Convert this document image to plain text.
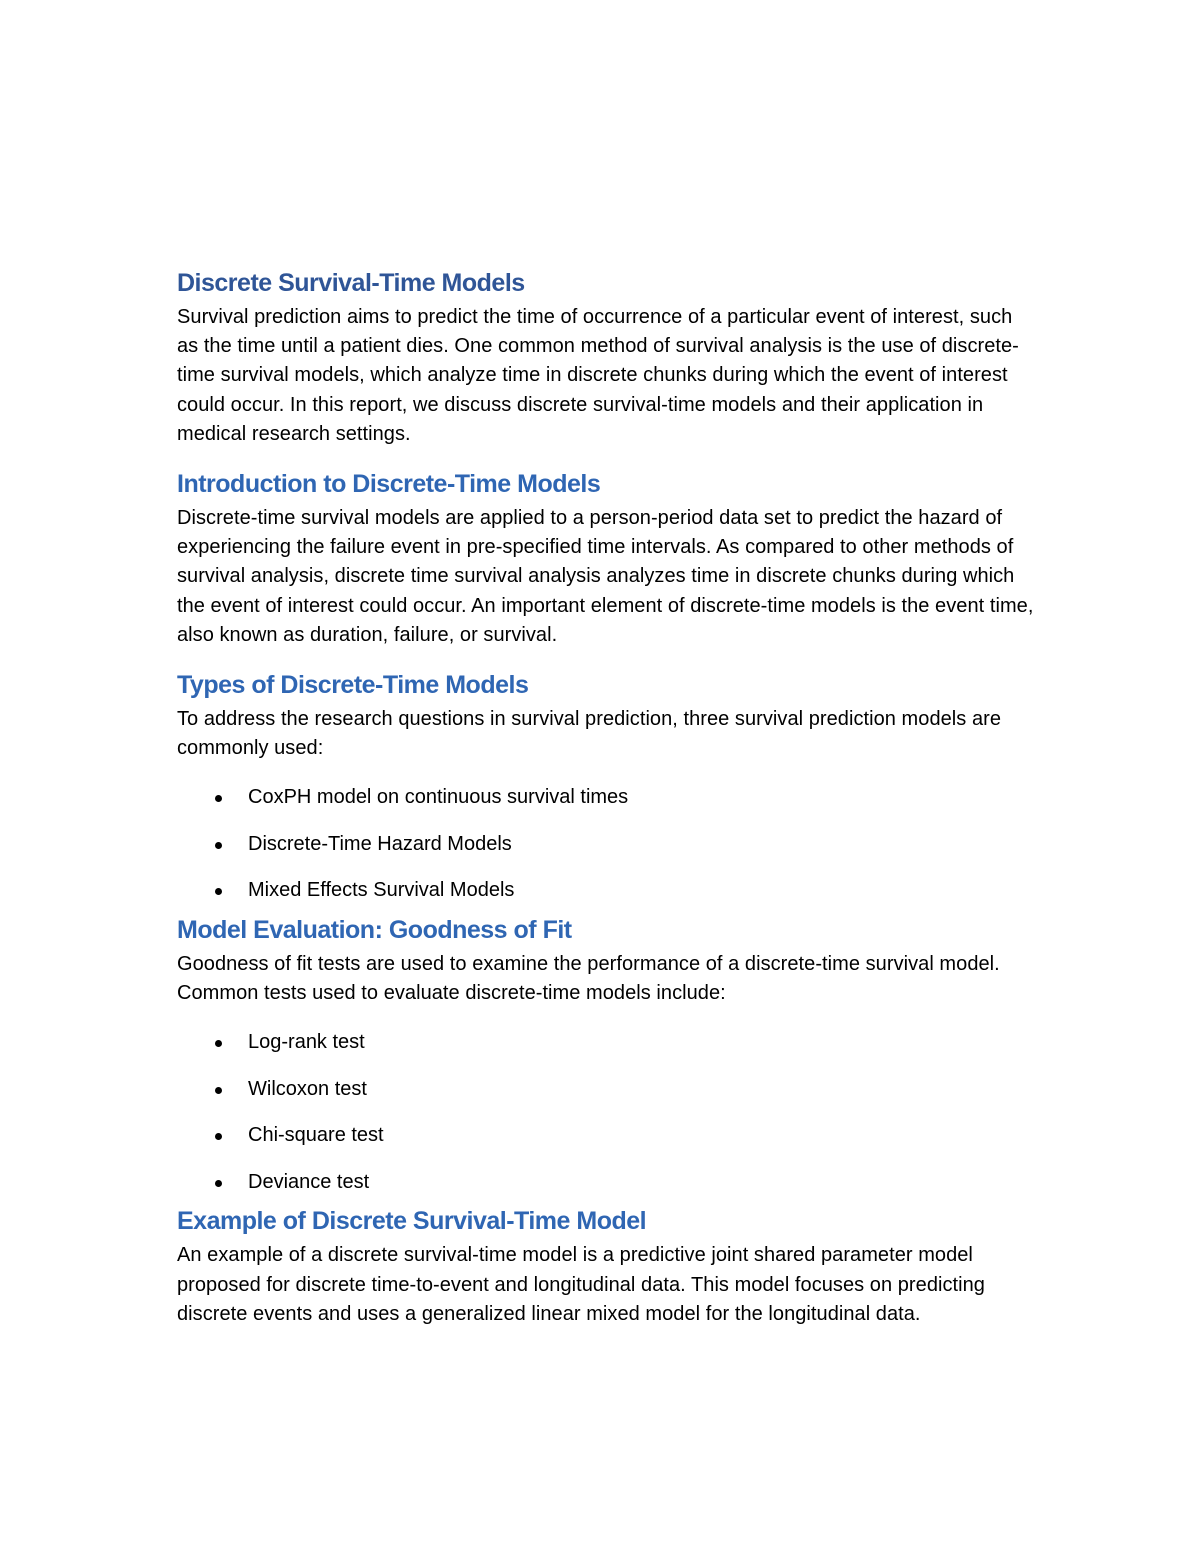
Discrete Survival-Time Models

Survival prediction aims to predict the time of occurrence of a particular event of interest, such as the time until a patient dies. One common method of survival analysis is the use of discrete-time survival models, which analyze time in discrete chunks during which the event of interest could occur. In this report, we discuss discrete survival-time models and their application in medical research settings.

Introduction to Discrete-Time Models

Discrete-time survival models are applied to a person-period data set to predict the hazard of experiencing the failure event in pre-specified time intervals. As compared to other methods of survival analysis, discrete time survival analysis analyzes time in discrete chunks during which the event of interest could occur. An important element of discrete-time models is the event time, also known as duration, failure, or survival.

Types of Discrete-Time Models

To address the research questions in survival prediction, three survival prediction models are commonly used:

CoxPH model on continuous survival times
Discrete-Time Hazard Models
Mixed Effects Survival Models
Model Evaluation: Goodness of Fit

Goodness of fit tests are used to examine the performance of a discrete-time survival model. Common tests used to evaluate discrete-time models include:

Log-rank test
Wilcoxon test
Chi-square test
Deviance test
Example of Discrete Survival-Time Model

An example of a discrete survival-time model is a predictive joint shared parameter model proposed for discrete time-to-event and longitudinal data. This model focuses on predicting discrete events and uses a generalized linear mixed model for the longitudinal data.
